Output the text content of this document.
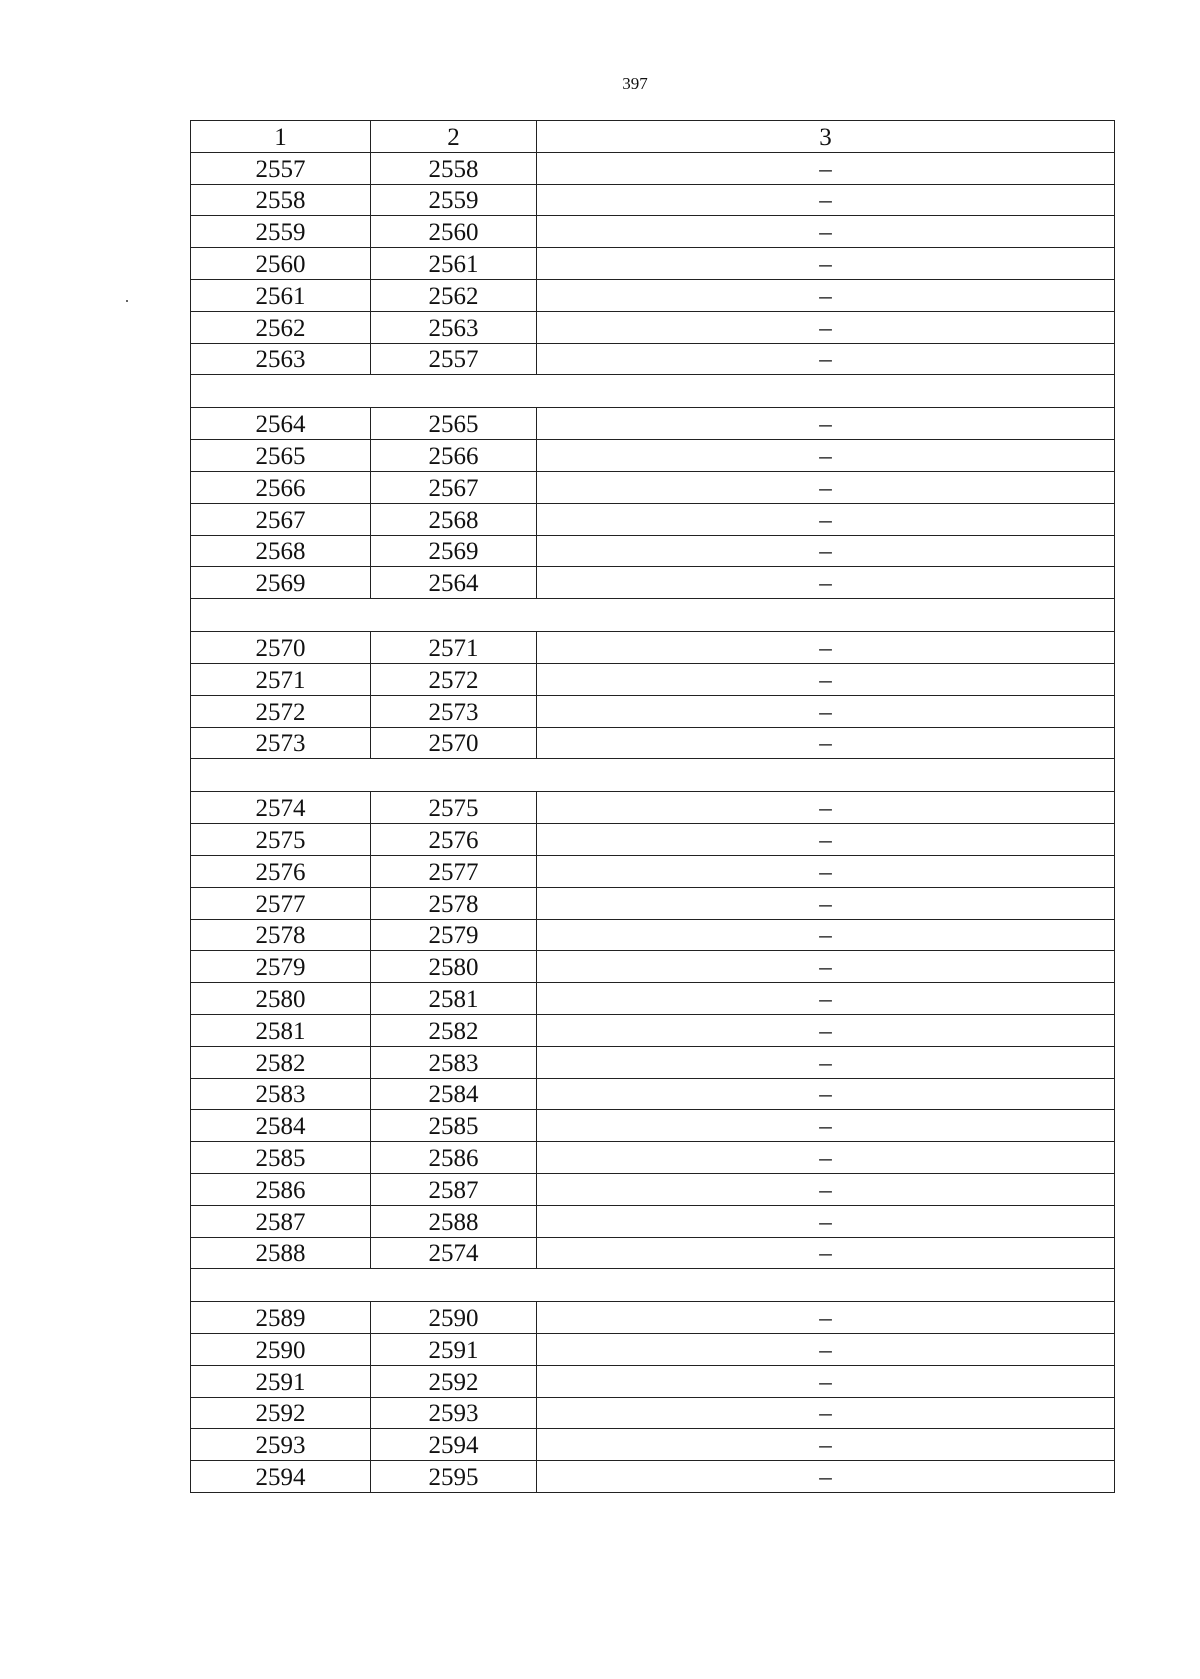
397
1	2	3
2557	2558	–
2558	2559	–
2559	2560	–
2560	2561	–
2561	2562	–
2562	2563	–
2563	2557	–

2564	2565	–
2565	2566	–
2566	2567	–
2567	2568	–
2568	2569	–
2569	2564	–

2570	2571	–
2571	2572	–
2572	2573	–
2573	2570	–

2574	2575	–
2575	2576	–
2576	2577	–
2577	2578	–
2578	2579	–
2579	2580	–
2580	2581	–
2581	2582	–
2582	2583	–
2583	2584	–
2584	2585	–
2585	2586	–
2586	2587	–
2587	2588	–
2588	2574	–

2589	2590	–
2590	2591	–
2591	2592	–
2592	2593	–
2593	2594	–
2594	2595	–
